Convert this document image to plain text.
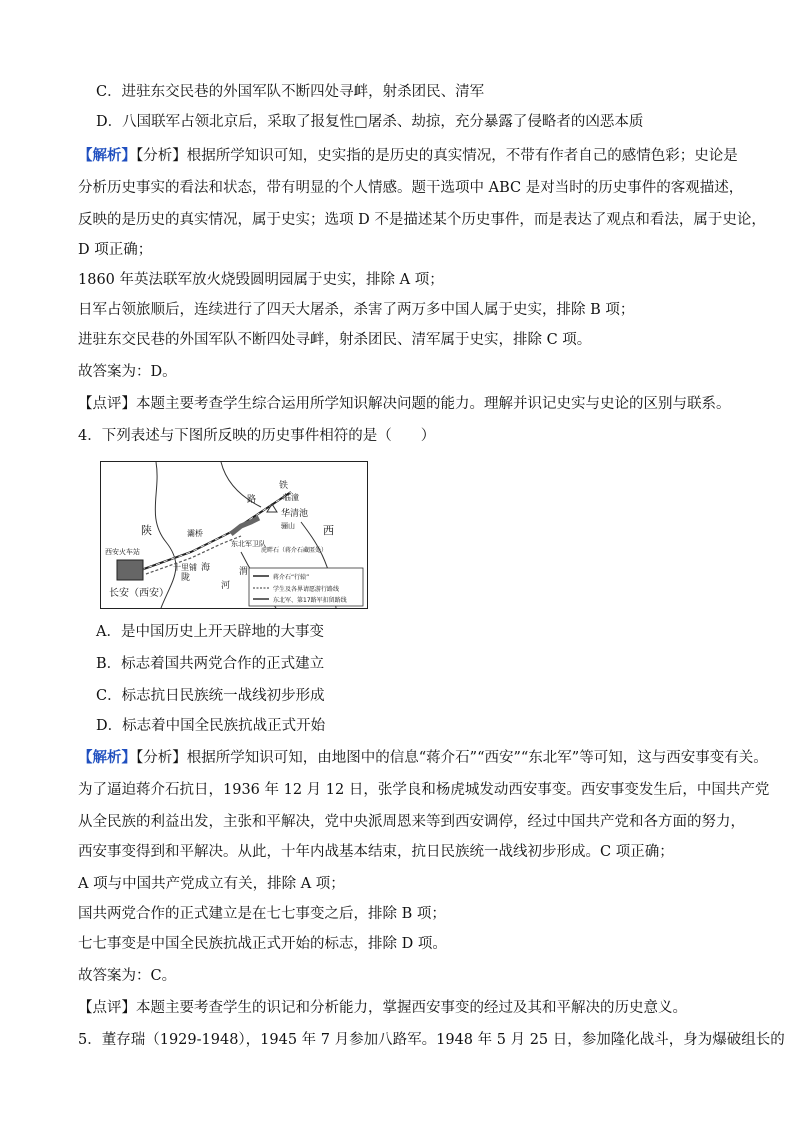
C．进驻东交民巷的外国军队不断四处寻衅，射杀团民、清军
D．八国联军占领北京后，采取了报复性□屠杀、劫掠，充分暴露了侵略者的凶恶本质
【解析】【分析】根据所学知识可知，史实指的是历史的真实情况，不带有作者自己的感情色彩；史论是
分析历史事实的看法和状态，带有明显的个人情感。题干选项中 ABC 是对当时的历史事件的客观描述，
反映的是历史的真实情况，属于史实；选项 D 不是描述某个历史事件，而是表达了观点和看法，属于史论，
D 项正确；
1860 年英法联军放火烧毁圆明园属于史实，排除 A 项；
日军占领旅顺后，连续进行了四天大屠杀，杀害了两万多中国人属于史实，排除 B 项；
进驻东交民巷的外国军队不断四处寻衅，射杀团民、清军属于史实，排除 C 项。
故答案为：D。
【点评】本题主要考查学生综合运用所学知识解决问题的能力。理解并识记史实与史论的区别与联系。
4．下列表述与下图所反映的历史事件相符的是（　　）
陕	西
铁
路
陇
海
灞桥
临潼
华清池
骊山
东北军卫队
虎畔石（蒋介石藏匿处）
西安火车站
十里铺	渭
河
长安（西安）
蒋介石“行辕”
学生及各界请愿游行路线
东北军、第17路军扣留路线
A．是中国历史上开天辟地的大事变
B．标志着国共两党合作的正式建立
C．标志抗日民族统一战线初步形成
D．标志着中国全民族抗战正式开始
【解析】【分析】根据所学知识可知，由地图中的信息“蒋介石”“西安”“东北军”等可知，这与西安事变有关。
为了逼迫蒋介石抗日，1936 年 12 月 12 日，张学良和杨虎城发动西安事变。西安事变发生后，中国共产党
从全民族的利益出发，主张和平解决，党中央派周恩来等到西安调停，经过中国共产党和各方面的努力，
西安事变得到和平解决。从此，十年内战基本结束，抗日民族统一战线初步形成。C 项正确；
A 项与中国共产党成立有关，排除 A 项；
国共两党合作的正式建立是在七七事变之后，排除 B 项；
七七事变是中国全民族抗战正式开始的标志，排除 D 项。
故答案为：C。
【点评】本题主要考查学生的识记和分析能力，掌握西安事变的经过及其和平解决的历史意义。
5．董存瑞（1929-1948），1945 年 7 月参加八路军。1948 年 5 月 25 日，参加隆化战斗，身为爆破组长的
